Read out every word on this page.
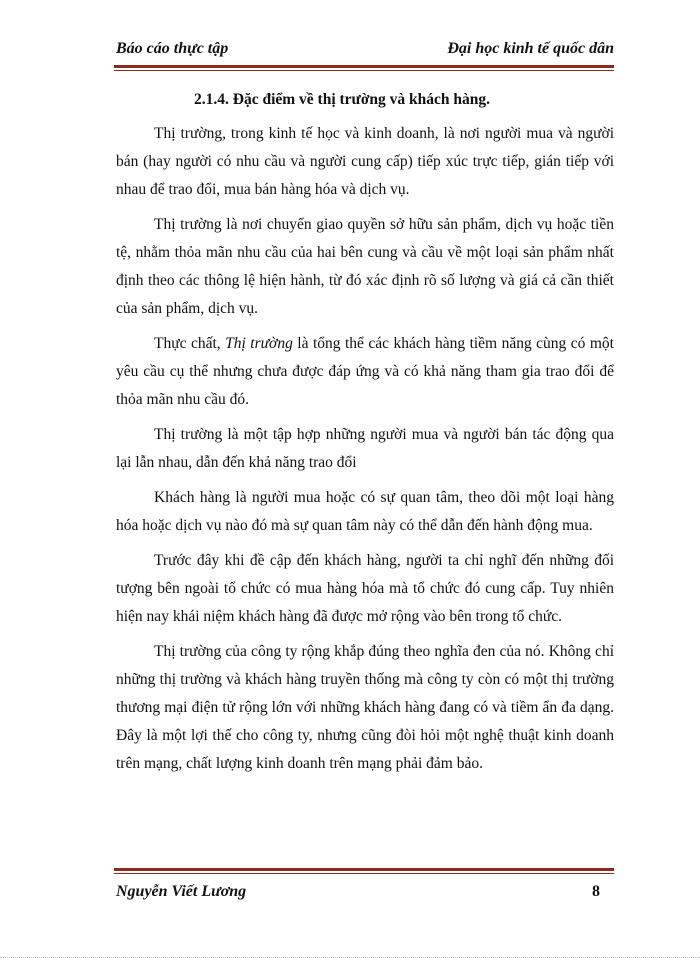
Báo cáo thực tập	Đại học kinh tế quốc dân
2.1.4. Đặc điểm về thị trường và khách hàng.

Thị trường, trong kinh tế học và kinh doanh, là nơi người mua và người bán (hay người có nhu cầu và người cung cấp) tiếp xúc trực tiếp, gián tiếp với nhau để trao đổi, mua bán hàng hóa và dịch vụ.

Thị trường là nơi chuyển giao quyền sở hữu sản phẩm, dịch vụ hoặc tiền tệ, nhằm thỏa mãn nhu cầu của hai bên cung và cầu về một loại sản phẩm nhất định theo các thông lệ hiện hành, từ đó xác định rõ số lượng và giá cả cần thiết của sản phẩm, dịch vụ.

Thực chất, Thị trường là tổng thể các khách hàng tiềm năng cùng có một yêu cầu cụ thể nhưng chưa được đáp ứng và có khả năng tham gia trao đổi để thỏa mãn nhu cầu đó.

Thị trường là một tập hợp những người mua và người bán tác động qua lại lẫn nhau, dẫn đến khả năng trao đổi

Khách hàng là người mua hoặc có sự quan tâm, theo dõi một loại hàng hóa hoặc dịch vụ nào đó mà sự quan tâm này có thể dẫn đến hành động mua.

Trước đây khi đề cập đến khách hàng, người ta chỉ nghĩ đến những đối tượng bên ngoài tổ chức có mua hàng hóa mà tổ chức đó cung cấp. Tuy nhiên hiện nay khái niệm khách hàng đã được mở rộng vào bên trong tổ chức.

Thị trường của công ty rộng khắp đúng theo nghĩa đen của nó. Không chỉ những thị trường và khách hàng truyền thống mà công ty còn có một thị trường thương mại điện tử rộng lớn với những khách hàng đang có và tiềm ẩn đa dạng. Đây là một lợi thế cho công ty, nhưng cũng đòi hỏi một nghệ thuật kinh doanh trên mạng, chất lượng kinh doanh trên mạng phải đảm bảo.

Nguyễn Viết Lương	8
